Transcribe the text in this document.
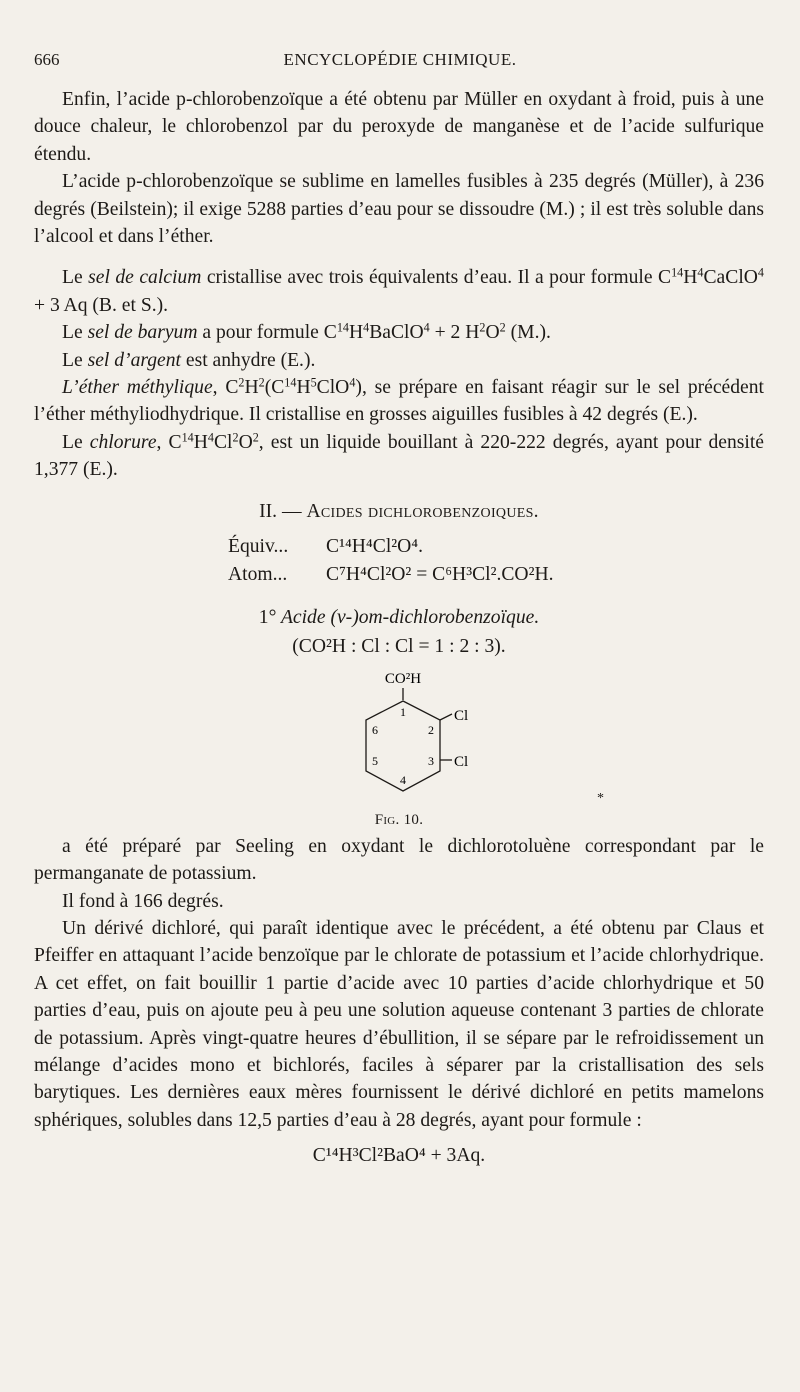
666	ENCYCLOPÉDIE CHIMIQUE.

Enfin, l’acide p-chlorobenzoïque a été obtenu par Müller en oxydant à froid, puis à une douce chaleur, le chlorobenzol par du peroxyde de manganèse et de l’acide sulfurique étendu.

L’acide p-chlorobenzoïque se sublime en lamelles fusibles à 235 degrés (Müller), à 236 degrés (Beilstein); il exige 5288 parties d’eau pour se dissoudre (M.) ; il est très soluble dans l’alcool et dans l’éther.

Le sel de calcium cristallise avec trois équivalents d’eau. Il a pour formule $C^{14}H^4CaClO^4 + 3$ Aq (B. et S.).

Le sel de baryum a pour formule $C^{14}H^4BaClO^4 + 2$ $H^2O^2$ (M.).

Le sel d’argent est anhydre (E.).

L’éther méthylique, $C^2H^2(C^{14}H^5ClO^4)$, se prépare en faisant réagir sur le sel précédent l’éther méthyliodhydrique. Il cristallise en grosses aiguilles fusibles à 42 degrés (E.).

Le chlorure, $C^{14}H^4Cl^2O^2$, est un liquide bouillant à 220-222 degrés, ayant pour densité 1,377 (E.).

II. — Acides dichlorobenzoiques.

Équiv... C¹⁴H⁴Cl²O⁴.
Atom... C⁷H⁴Cl²O² = C⁶H³Cl².CO²H.

1° Acide (v-)om-dichlorobenzoïque.

(CO²H : Cl : Cl = 1 : 2 : 3).

CO²H
Cl
Cl
1
2
3
4
5
6
*
Fig. 10.

a été préparé par Seeling en oxydant le dichlorotoluène correspondant par le permanganate de potassium.

Il fond à 166 degrés.

Un dérivé dichloré, qui paraît identique avec le précédent, a été obtenu par Claus et Pfeiffer en attaquant l’acide benzoïque par le chlorate de potassium et l’acide chlorhydrique. A cet effet, on fait bouillir 1 partie d’acide avec 10 parties d’acide chlorhydrique et 50 parties d’eau, puis on ajoute peu à peu une solution aqueuse contenant 3 parties de chlorate de potassium. Après vingt-quatre heures d’ébullition, il se sépare par le refroidissement un mélange d’acides mono et bichlorés, faciles à séparer par la cristallisation des sels barytiques. Les dernières eaux mères fournissent le dérivé dichloré en petits mamelons sphériques, solubles dans 12,5 parties d’eau à 28 degrés, ayant pour formule :

C¹⁴H³Cl²BaO⁴ + 3Aq.
